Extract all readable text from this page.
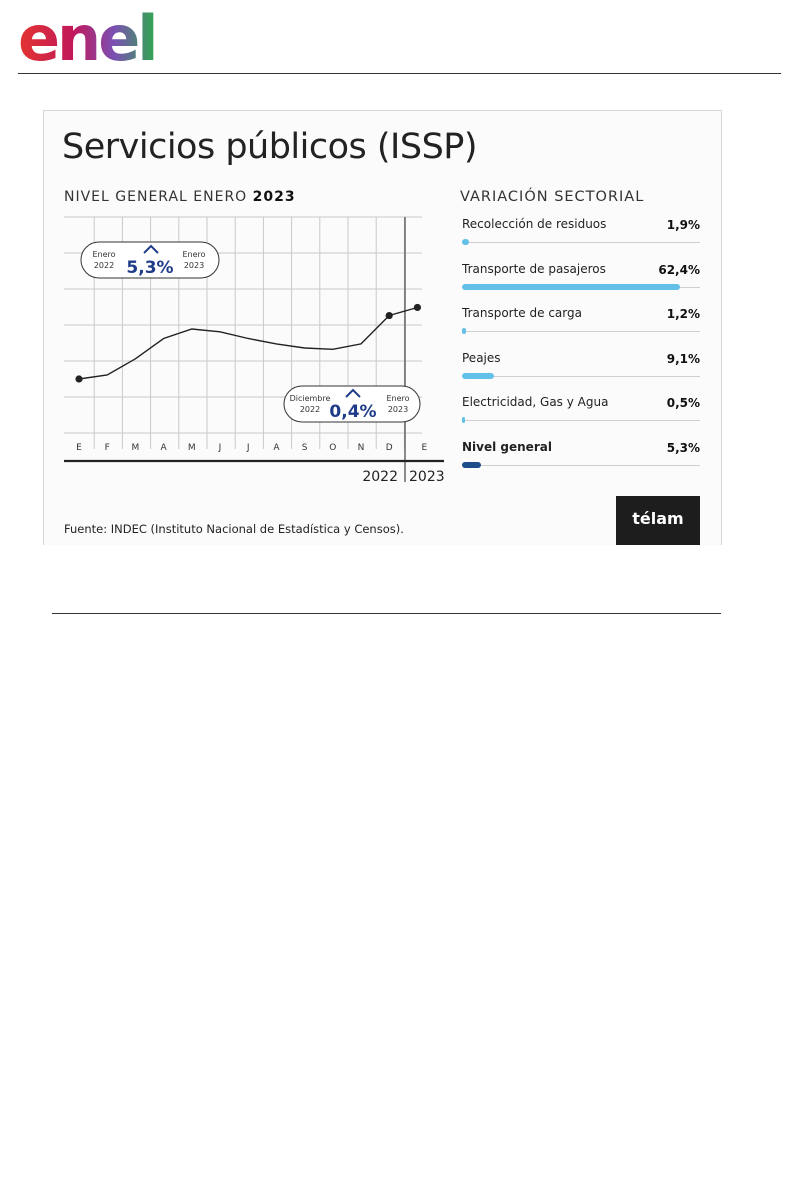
enel
Servicios públicos (ISSP)
NIVEL GENERAL ENERO 2023	VARIACIÓN SECTORIAL
E	F M A M	J	J	A S O N D	E
2022 2023
Enero
2022 5,3%
Enero
2023
Diciembre
2022 0,4%
Enero
2023
Recolección de residuos	1,9%
Transporte de pasajeros	62,4%
Transporte de carga	1,2%
Peajes	9,1%
Electricidad, Gas y Agua	0,5%
Nivel general	5,3%
Fuente: INDEC (Instituto Nacional de Estadística y Censos).
télam
